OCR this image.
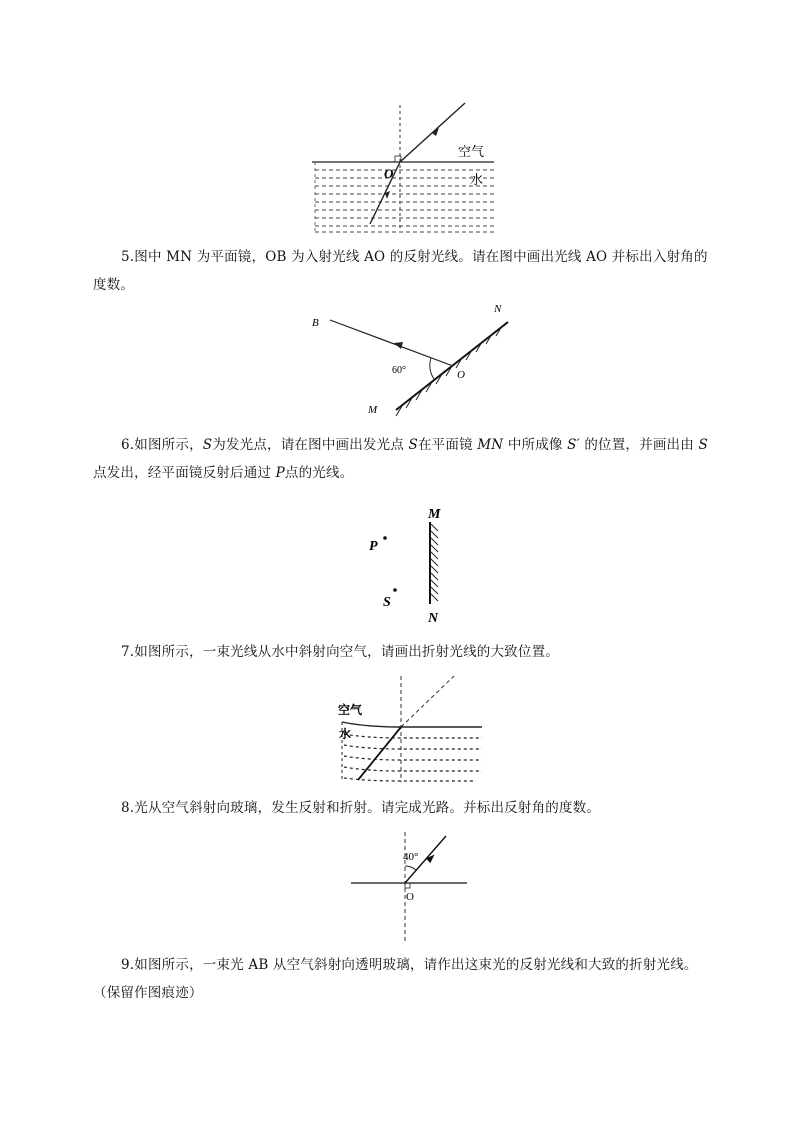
空气
水
O
5.图中 MN 为平面镜，OB 为入射光线 AO 的反射光线。请在图中画出光线 AO 并标出入射角的度数。
B
N
M
O
60°
6.如图所示，S为发光点，请在图中画出发光点 S在平面镜 MN 中所成像 S′ 的位置，并画出由 S点发出，经平面镜反射后通过 P点的光线。
M
N
P
S
7.如图所示，一束光线从水中斜射向空气，请画出折射光线的大致位置。
空气
水
8.光从空气斜射向玻璃，发生反射和折射。请完成光路。并标出反射角的度数。
40°
O
9.如图所示，一束光 AB 从空气斜射向透明玻璃，请作出这束光的反射光线和大致的折射光线。
（保留作图痕迹）
